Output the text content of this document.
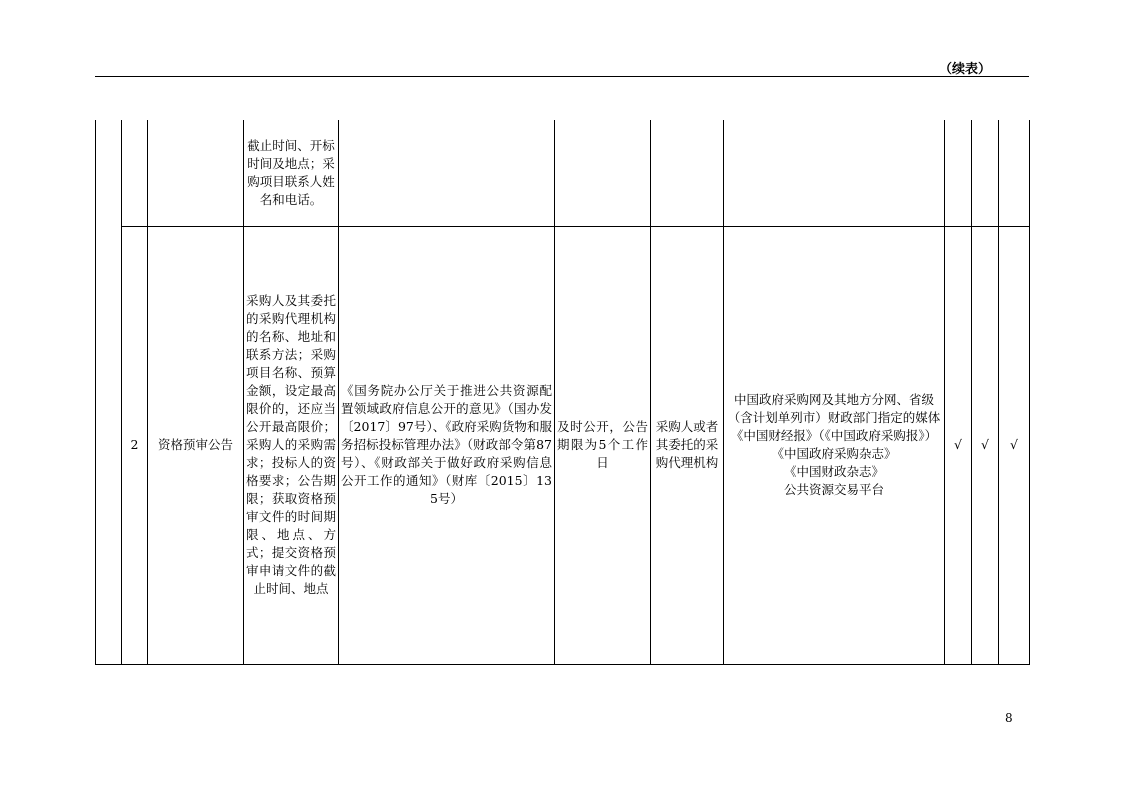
（续表）
			截止时间、开标时间及地点；采购项目联系人姓名和电话。							
	2	资格预审公告	采购人及其委托的采购代理机构的名称、地址和联系方法；采购项目名称、预算金额，设定最高限价的，还应当公开最高限价；采购人的采购需求；投标人的资格要求；公告期限；获取资格预审文件的时间期限、地点、方式；提交资格预审申请文件的截止时间、地点	《国务院办公厅关于推进公共资源配置领域政府信息公开的意见》（国办发〔2017〕97号）、《政府采购货物和服务招标投标管理办法》（财政部令第87号）、《财政部关于做好政府采购信息公开工作的通知》（财库〔2015〕135号）	及时公开，公告期限为5个工作日	采购人或者其委托的采购代理机构	中国政府采购网及其地方分网、省级（含计划单列市）财政部门指定的媒体
《中国财经报》（《中国政府采购报》）
《中国政府采购杂志》
《中国财政杂志》
公共资源交易平台	√	√	√
8
